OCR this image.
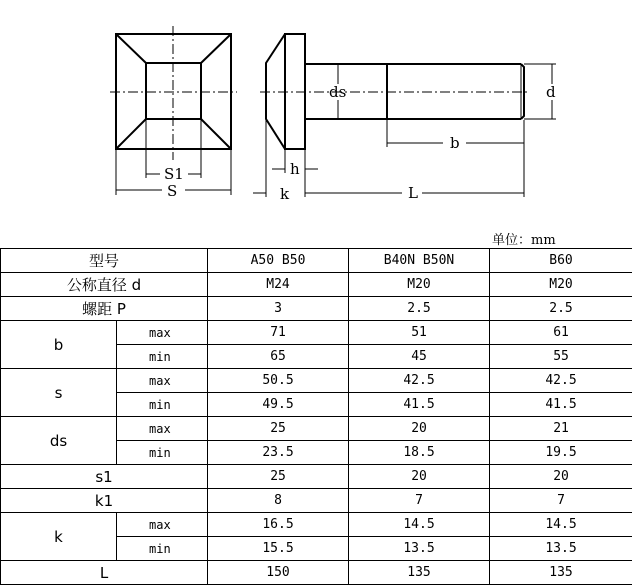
S1
S
h
k	L
b
ds	d
单位：mm
型号		A50 B50	B40N B50N	B60
公称直径 d		M24	M20	M20
螺距 P		3	2.5	2.5
b	max	71	51	61
	min	65	45	55
s	max	50.5	42.5	42.5
	min	49.5	41.5	41.5
ds	max	25	20	21
	min	23.5	18.5	19.5
s1		25	20	20
k1		8	7	7
k	max	16.5	14.5	14.5
	min	15.5	13.5	13.5
L		150	135	135
